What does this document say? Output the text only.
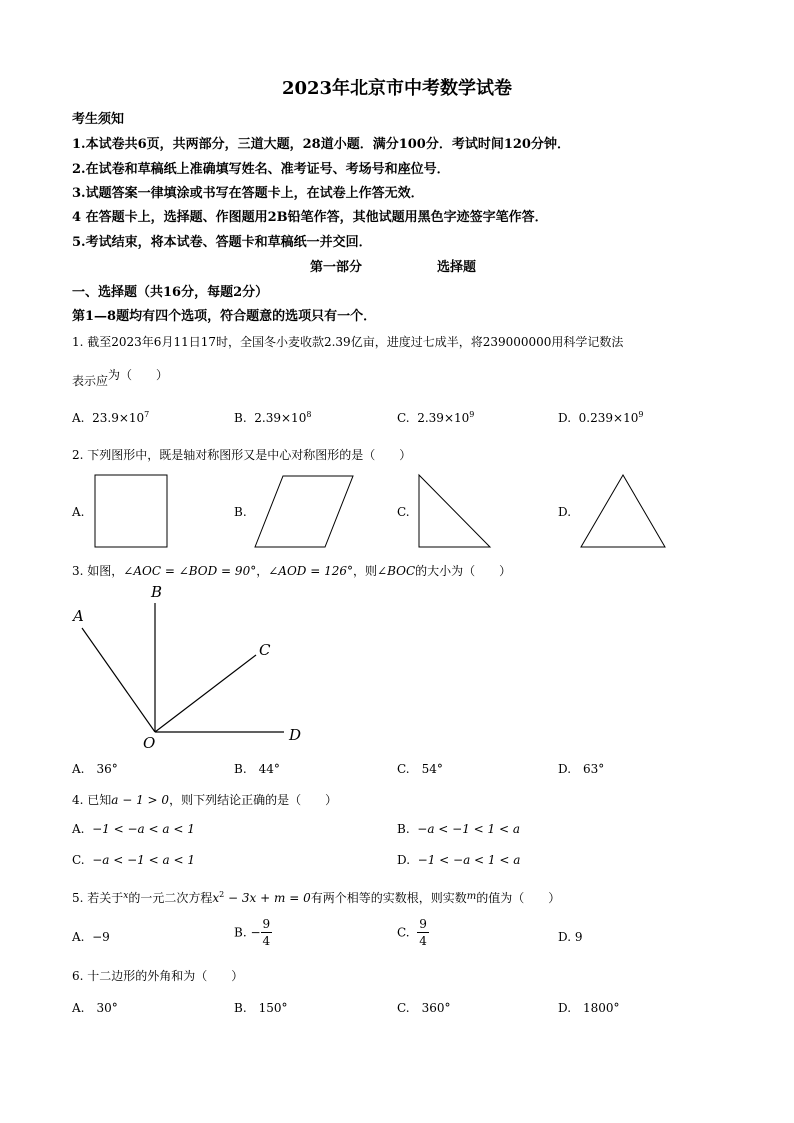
2023年北京市中考数学试卷
考生须知
1.本试卷共6页，共两部分，三道大题，28道小题．满分100分．考试时间120分钟．
2.在试卷和草稿纸上准确填写姓名、准考证号、考场号和座位号．
3.试题答案一律填涂或书写在答题卡上，在试卷上作答无效．
4 在答题卡上，选择题、作图题用2B铅笔作答，其他试题用黑色字迹签字笔作答．
5.考试结束，将本试卷、答题卡和草稿纸一并交回．
第一部分	选择题
一、选择题（共16分，每题2分）
第1—8题均有四个选项，符合题意的选项只有一个．
1. 截至2023年6月11日17时，全国冬小麦收款2.39亿亩，进度过七成半，将239000000用科学记数法
表示应为（　　）
A. $23.9\times 10^7$	B. $2.39\times 10^8$	C. $2.39\times 10^9$	D. $0.239\times 10^9$
2. 下列图形中，既是轴对称图形又是中心对称图形的是（　　）
A.	B.	C.	D.
3. 如图，∠AOC = ∠BOD = 90°，∠AOD = 126°，则∠BOC的大小为（　　）
B
A
C
D
O
A.　36°	B.　44°	C.　54°	D.　63°
4. 已知a − 1 > 0，则下列结论正确的是（　　）
A. −1 < −a < a < 1	B. −a < −1 < 1 < a
C. −a < −1 < a < 1	D. −1 < −a < 1 < a
5. 若关于$^x$的一元二次方程$x^2 - 3x + m = 0$有两个相等的实数根，则实数$^m$的值为（　　）
A. −9	B. − $\frac{9}{4}$	C. $\frac{9}{4}$	D. 9
6. 十二边形的外角和为（　　）
A.　30°	B.　150°	C.　360°	D.　1800°
